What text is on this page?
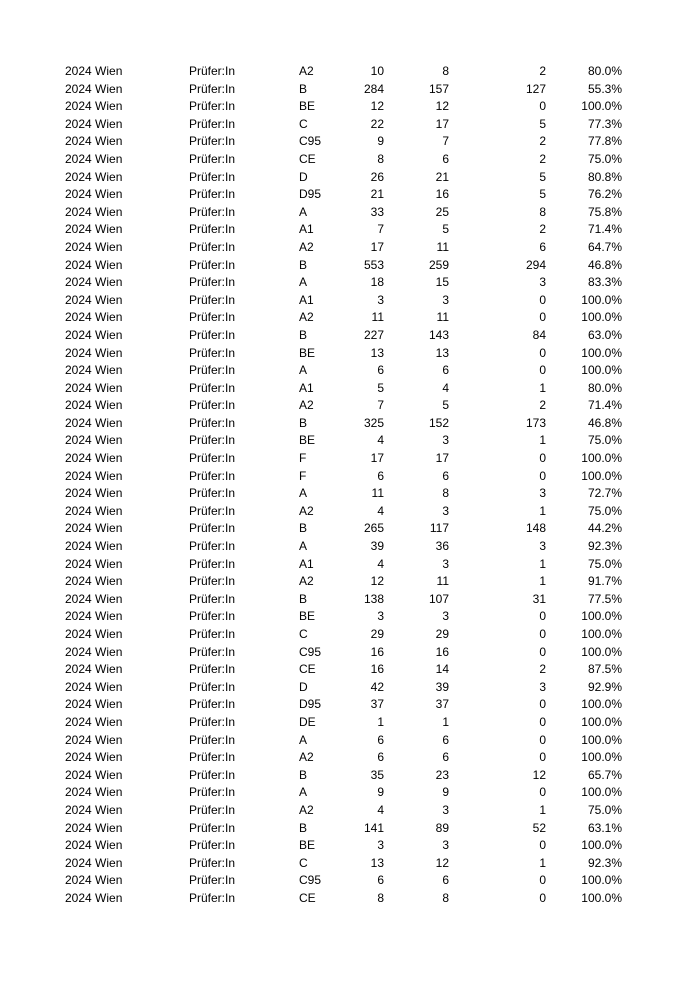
2024 Wien	Prüfer:In	A2	10	8	2	80.0%
2024 Wien	Prüfer:In	B	284	157	127	55.3%
2024 Wien	Prüfer:In	BE	12	12	0	100.0%
2024 Wien	Prüfer:In	C	22	17	5	77.3%
2024 Wien	Prüfer:In	C95	9	7	2	77.8%
2024 Wien	Prüfer:In	CE	8	6	2	75.0%
2024 Wien	Prüfer:In	D	26	21	5	80.8%
2024 Wien	Prüfer:In	D95	21	16	5	76.2%
2024 Wien	Prüfer:In	A	33	25	8	75.8%
2024 Wien	Prüfer:In	A1	7	5	2	71.4%
2024 Wien	Prüfer:In	A2	17	11	6	64.7%
2024 Wien	Prüfer:In	B	553	259	294	46.8%
2024 Wien	Prüfer:In	A	18	15	3	83.3%
2024 Wien	Prüfer:In	A1	3	3	0	100.0%
2024 Wien	Prüfer:In	A2	11	11	0	100.0%
2024 Wien	Prüfer:In	B	227	143	84	63.0%
2024 Wien	Prüfer:In	BE	13	13	0	100.0%
2024 Wien	Prüfer:In	A	6	6	0	100.0%
2024 Wien	Prüfer:In	A1	5	4	1	80.0%
2024 Wien	Prüfer:In	A2	7	5	2	71.4%
2024 Wien	Prüfer:In	B	325	152	173	46.8%
2024 Wien	Prüfer:In	BE	4	3	1	75.0%
2024 Wien	Prüfer:In	F	17	17	0	100.0%
2024 Wien	Prüfer:In	F	6	6	0	100.0%
2024 Wien	Prüfer:In	A	11	8	3	72.7%
2024 Wien	Prüfer:In	A2	4	3	1	75.0%
2024 Wien	Prüfer:In	B	265	117	148	44.2%
2024 Wien	Prüfer:In	A	39	36	3	92.3%
2024 Wien	Prüfer:In	A1	4	3	1	75.0%
2024 Wien	Prüfer:In	A2	12	11	1	91.7%
2024 Wien	Prüfer:In	B	138	107	31	77.5%
2024 Wien	Prüfer:In	BE	3	3	0	100.0%
2024 Wien	Prüfer:In	C	29	29	0	100.0%
2024 Wien	Prüfer:In	C95	16	16	0	100.0%
2024 Wien	Prüfer:In	CE	16	14	2	87.5%
2024 Wien	Prüfer:In	D	42	39	3	92.9%
2024 Wien	Prüfer:In	D95	37	37	0	100.0%
2024 Wien	Prüfer:In	DE	1	1	0	100.0%
2024 Wien	Prüfer:In	A	6	6	0	100.0%
2024 Wien	Prüfer:In	A2	6	6	0	100.0%
2024 Wien	Prüfer:In	B	35	23	12	65.7%
2024 Wien	Prüfer:In	A	9	9	0	100.0%
2024 Wien	Prüfer:In	A2	4	3	1	75.0%
2024 Wien	Prüfer:In	B	141	89	52	63.1%
2024 Wien	Prüfer:In	BE	3	3	0	100.0%
2024 Wien	Prüfer:In	C	13	12	1	92.3%
2024 Wien	Prüfer:In	C95	6	6	0	100.0%
2024 Wien	Prüfer:In	CE	8	8	0	100.0%
